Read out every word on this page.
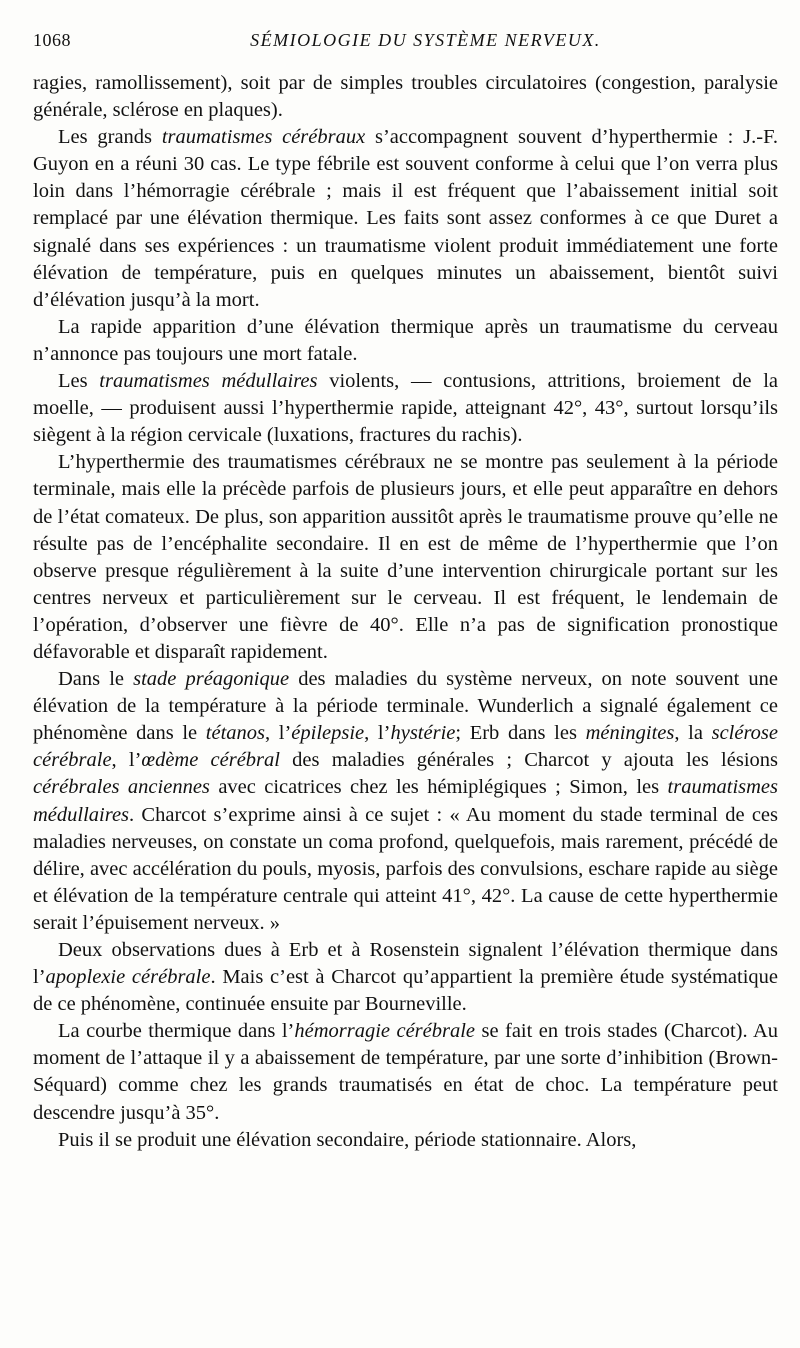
1068	SÉMIOLOGIE DU SYSTÈME NERVEUX.

ragies, ramollissement), soit par de simples troubles circulatoires (congestion, paralysie générale, sclérose en plaques).

Les grands traumatismes cérébraux s’accompagnent souvent d’hyperthermie : J.-F. Guyon en a réuni 30 cas. Le type fébrile est souvent conforme à celui que l’on verra plus loin dans l’hémorragie cérébrale ; mais il est fréquent que l’abaissement initial soit remplacé par une élévation thermique. Les faits sont assez conformes à ce que Duret a signalé dans ses expériences : un traumatisme violent produit immédiatement une forte élévation de température, puis en quelques minutes un abaissement, bientôt suivi d’élévation jusqu’à la mort.

La rapide apparition d’une élévation thermique après un traumatisme du cerveau n’annonce pas toujours une mort fatale.

Les traumatismes médullaires violents, — contusions, attritions, broiement de la moelle, — produisent aussi l’hyperthermie rapide, atteignant 42°, 43°, surtout lorsqu’ils siègent à la région cervicale (luxations, fractures du rachis).

L’hyperthermie des traumatismes cérébraux ne se montre pas seulement à la période terminale, mais elle la précède parfois de plusieurs jours, et elle peut apparaître en dehors de l’état comateux. De plus, son apparition aussitôt après le traumatisme prouve qu’elle ne résulte pas de l’encéphalite secondaire. Il en est de même de l’hyperthermie que l’on observe presque régulièrement à la suite d’une intervention chirurgicale portant sur les centres nerveux et particulièrement sur le cerveau. Il est fréquent, le lendemain de l’opération, d’observer une fièvre de 40°. Elle n’a pas de signification pronostique défavorable et disparaît rapidement.

Dans le stade préagonique des maladies du système nerveux, on note souvent une élévation de la température à la période terminale. Wunderlich a signalé également ce phénomène dans le tétanos, l’épilepsie, l’hystérie; Erb dans les méningites, la sclérose cérébrale, l’œdème cérébral des maladies générales ; Charcot y ajouta les lésions cérébrales anciennes avec cicatrices chez les hémiplégiques ; Simon, les traumatismes médullaires. Charcot s’exprime ainsi à ce sujet : « Au moment du stade terminal de ces maladies nerveuses, on constate un coma profond, quelquefois, mais rarement, précédé de délire, avec accélération du pouls, myosis, parfois des convulsions, eschare rapide au siège et élévation de la température centrale qui atteint 41°, 42°. La cause de cette hyperthermie serait l’épuisement nerveux. »

Deux observations dues à Erb et à Rosenstein signalent l’élévation thermique dans l’apoplexie cérébrale. Mais c’est à Charcot qu’appartient la première étude systématique de ce phénomène, continuée ensuite par Bourneville.

La courbe thermique dans l’hémorragie cérébrale se fait en trois stades (Charcot). Au moment de l’attaque il y a abaissement de température, par une sorte d’inhibition (Brown-Séquard) comme chez les grands traumatisés en état de choc. La température peut descendre jusqu’à 35°.

Puis il se produit une élévation secondaire, période stationnaire. Alors,
